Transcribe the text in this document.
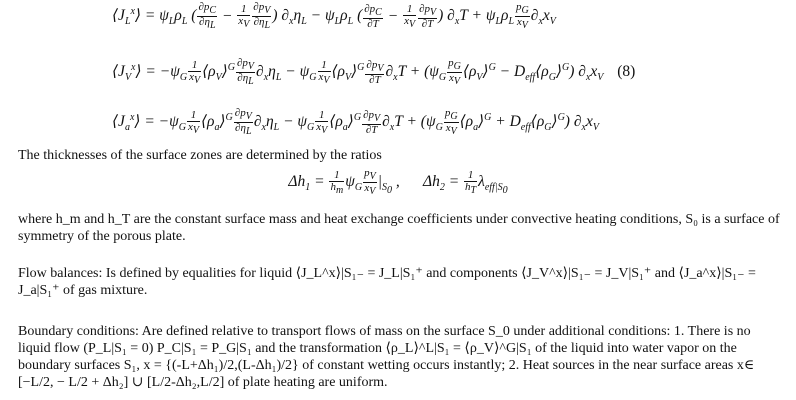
$⟨J_L^x⟩ = \psi_L\rho_L$ ( $\frac{\partial p_C}{\partial\eta_L} - \frac{1}{x_V} \frac{\partial p_V}{\partial\eta_L}$ ) $\partial_x\eta_L - \psi_L\rho_L$ ( $\frac{\partial p_C}{\partial T} - \frac{1}{x_V} \frac{\partial p_V}{\partial T}$ ) $\partial_xT + \psi_L\rho_L \frac{p_G}{x_V} \partial_xx_V$
$⟨J_V^x⟩ = -\psi_G \frac{1}{x_V}$ $⟨\rho_V⟩^G \frac{\partial p_V}{\partial\eta_L} \partial_x\eta_L - \psi_G \frac{1}{x_V}$ $⟨\rho_V⟩^G \frac{\partial p_V}{\partial T} \partial_xT + (\psi_G \frac{p_G}{x_V}$ $⟨\rho_V⟩^G$ − $D_{eff}⟨\rho_G⟩^G$) $\partial_xx_V$ (8)
$⟨J_a^x⟩ = -\psi_G \frac{1}{x_V}$ $⟨\rho_a⟩^G \frac{\partial p_V}{\partial\eta_L} \partial_x\eta_L - \psi_G \frac{1}{x_V}$ $⟨\rho_a⟩^G \frac{\partial p_V}{\partial T} \partial_xT + (\psi_G \frac{p_G}{x_V}$ $⟨\rho_a⟩^G$ + $D_{eff}⟨\rho_G⟩^G$) $\partial_xx_V$
The thicknesses of the surface zones are determined by the ratios
$\Delta h_1 = \frac{1}{h_m} \psi_G \frac{p_V}{x_V} |_{S_0}$ ,      $\Delta h_2 = \frac{1}{h_T} \lambda_{eff|S_0}$
where h_m and h_T are the constant surface mass and heat exchange coefficients under convective heating conditions, S₀ is a surface of symmetry of the porous plate.
Flow balances: Is defined by equalities for liquid ⟨J_L^x⟩|S₁₋ = J_L|S₁⁺ and components ⟨J_V^x⟩|S₁₋ = J_V|S₁⁺ and ⟨J_a^x⟩|S₁₋ = J_a|S₁⁺ of gas mixture.
Boundary conditions: Are defined relative to transport flows of mass on the surface S_0 under additional conditions: 1. There is no liquid flow (P_L|S₁ = 0) P_C|S₁ = P_G|S₁ and the transformation ⟨ρ_L⟩^L|S₁ = ⟨ρ_V⟩^G|S₁ of the liquid into water vapor on the boundary surfaces S₁, x = {(-L+Δh₁)/2,(L-Δh₁)/2} of constant wetting occurs instantly; 2. Heat sources in the near surface areas x∈ [−L/2, − L/2 + Δh₂] ∪ [L/2-Δh₂,L/2] of plate heating are uniform.
